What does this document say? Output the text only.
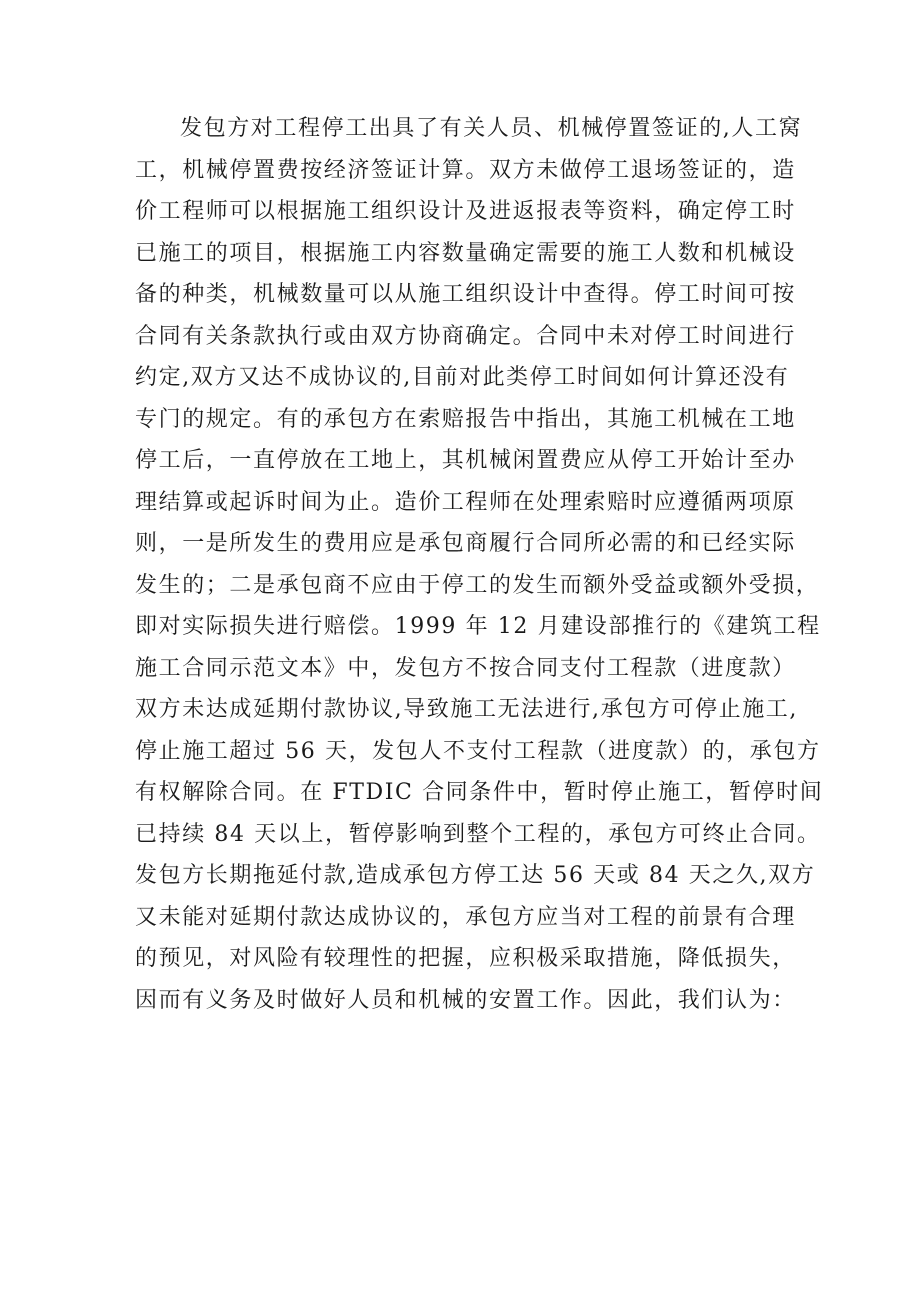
发包方对工程停工出具了有关人员、机械停置签证的,人工窝
工，机械停置费按经济签证计算。双方未做停工退场签证的，造
价工程师可以根据施工组织设计及进返报表等资料，确定停工时
已施工的项目，根据施工内容数量确定需要的施工人数和机械设
备的种类，机械数量可以从施工组织设计中查得。停工时间可按
合同有关条款执行或由双方协商确定。合同中未对停工时间进行
约定,双方又达不成协议的,目前对此类停工时间如何计算还没有
专门的规定。有的承包方在索赔报告中指出，其施工机械在工地
停工后，一直停放在工地上，其机械闲置费应从停工开始计至办
理结算或起诉时间为止。造价工程师在处理索赔时应遵循两项原
则，一是所发生的费用应是承包商履行合同所必需的和已经实际
发生的；二是承包商不应由于停工的发生而额外受益或额外受损，
即对实际损失进行赔偿。1999 年 12 月建设部推行的《建筑工程
施工合同示范文本》中，发包方不按合同支付工程款（进度款）
双方未达成延期付款协议,导致施工无法进行,承包方可停止施工,
停止施工超过 56 天，发包人不支付工程款（进度款）的，承包方
有权解除合同。在 FTDIC 合同条件中，暂时停止施工，暂停时间
已持续 84 天以上，暂停影响到整个工程的，承包方可终止合同。
发包方长期拖延付款,造成承包方停工达 56 天或 84 天之久,双方
又未能对延期付款达成协议的，承包方应当对工程的前景有合理
的预见，对风险有较理性的把握，应积极采取措施，降低损失，
因而有义务及时做好人员和机械的安置工作。因此，我们认为：
